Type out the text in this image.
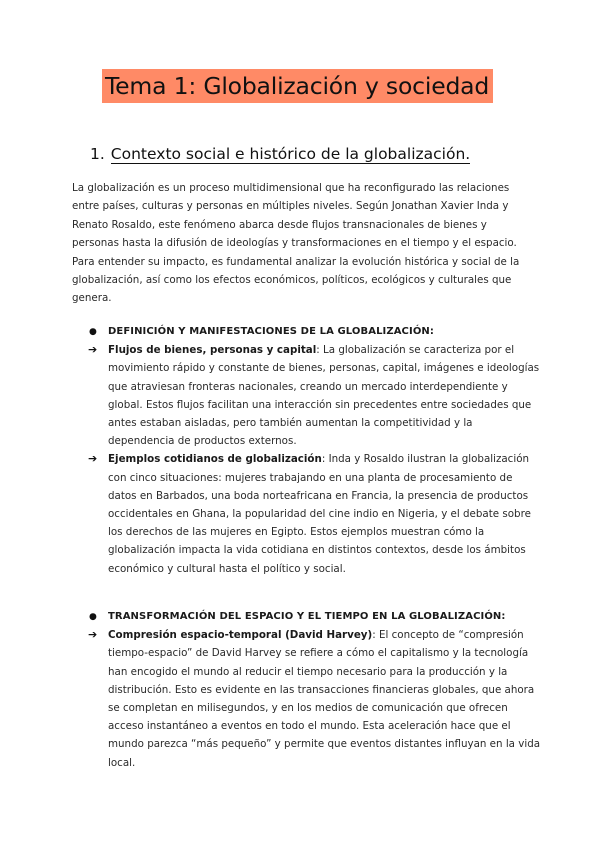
Tema 1: Globalización y sociedad
1. Contexto social e histórico de la globalización.

La globalización es un proceso multidimensional que ha reconfigurado las relaciones entre países, culturas y personas en múltiples niveles. Según Jonathan Xavier Inda y Renato Rosaldo, este fenómeno abarca desde flujos transnacionales de bienes y personas hasta la difusión de ideologías y transformaciones en el tiempo y el espacio. Para entender su impacto, es fundamental analizar la evolución histórica y social de la globalización, así como los efectos económicos, políticos, ecológicos y culturales que genera.

●	DEFINICIÓN Y MANIFESTACIONES DE LA GLOBALIZACIÓN:
➔	Flujos de bienes, personas y capital: La globalización se caracteriza por el movimiento rápido y constante de bienes, personas, capital, imágenes e ideologías que atraviesan fronteras nacionales, creando un mercado interdependiente y global. Estos flujos facilitan una interacción sin precedentes entre sociedades que antes estaban aisladas, pero también aumentan la competitividad y la dependencia de productos externos.
➔	Ejemplos cotidianos de globalización: Inda y Rosaldo ilustran la globalización con cinco situaciones: mujeres trabajando en una planta de procesamiento de datos en Barbados, una boda norteafricana en Francia, la presencia de productos occidentales en Ghana, la popularidad del cine indio en Nigeria, y el debate sobre los derechos de las mujeres en Egipto. Estos ejemplos muestran cómo la globalización impacta la vida cotidiana en distintos contextos, desde los ámbitos económico y cultural hasta el político y social.
●	TRANSFORMACIÓN DEL ESPACIO Y EL TIEMPO EN LA GLOBALIZACIÓN:
➔	Compresión espacio-temporal (David Harvey): El concepto de “compresión tiempo-espacio” de David Harvey se refiere a cómo el capitalismo y la tecnología han encogido el mundo al reducir el tiempo necesario para la producción y la distribución. Esto es evidente en las transacciones financieras globales, que ahora se completan en milisegundos, y en los medios de comunicación que ofrecen acceso instantáneo a eventos en todo el mundo. Esta aceleración hace que el mundo parezca “más pequeño” y permite que eventos distantes influyan en la vida local.
